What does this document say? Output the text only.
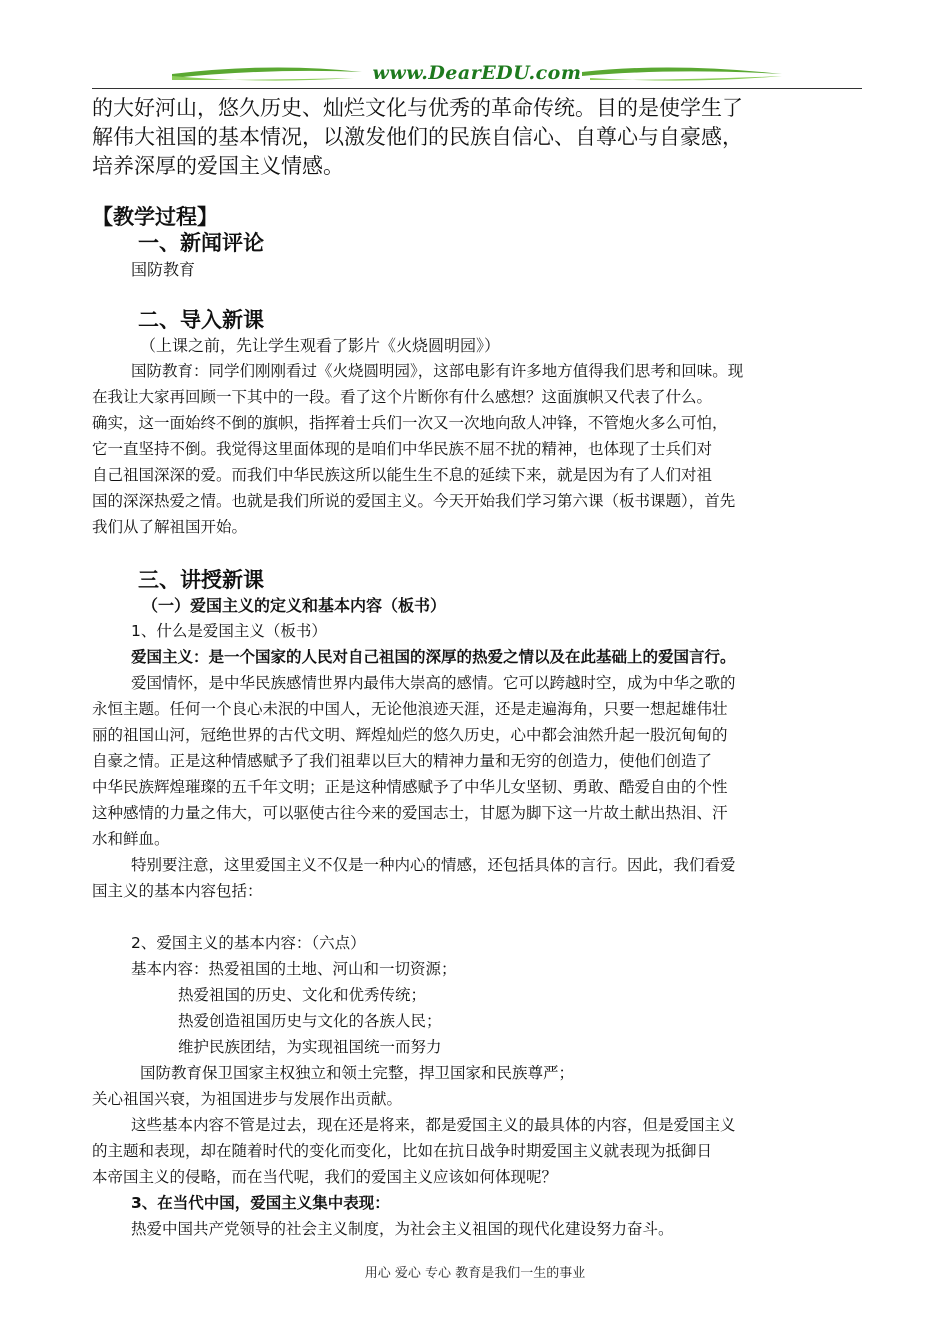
www.DearEDU.com
的大好河山，悠久历史、灿烂文化与优秀的革命传统。目的是使学生了
解伟大祖国的基本情况，以激发他们的民族自信心、自尊心与自豪感，
培养深厚的爱国主义情感。
【教学过程】
一、新闻评论
国防教育
二、导入新课
（上课之前，先让学生观看了影片《火烧圆明园》）
国防教育：同学们刚刚看过《火烧圆明园》，这部电影有许多地方值得我们思考和回味。现
在我让大家再回顾一下其中的一段。看了这个片断你有什么感想？这面旗帜又代表了什么。
确实，这一面始终不倒的旗帜，指挥着士兵们一次又一次地向敌人冲锋，不管炮火多么可怕，
它一直坚持不倒。我觉得这里面体现的是咱们中华民族不屈不扰的精神，也体现了士兵们对
自己祖国深深的爱。而我们中华民族这所以能生生不息的延续下来，就是因为有了人们对祖
国的深深热爱之情。也就是我们所说的爱国主义。今天开始我们学习第六课（板书课题），首先
我们从了解祖国开始。
三、讲授新课
（一）爱国主义的定义和基本内容（板书）
1、什么是爱国主义（板书）
爱国主义：是一个国家的人民对自己祖国的深厚的热爱之情以及在此基础上的爱国言行。
爱国情怀，是中华民族感情世界内最伟大崇高的感情。它可以跨越时空，成为中华之歌的
永恒主题。任何一个良心未泯的中国人，无论他浪迹天涯，还是走遍海角，只要一想起雄伟壮
丽的祖国山河，冠绝世界的古代文明、辉煌灿烂的悠久历史，心中都会油然升起一股沉甸甸的
自豪之情。正是这种情感赋予了我们祖辈以巨大的精神力量和无穷的创造力，使他们创造了
中华民族辉煌璀璨的五千年文明；正是这种情感赋予了中华儿女坚韧、勇敢、酷爱自由的个性
这种感情的力量之伟大，可以驱使古往今来的爱国志士，甘愿为脚下这一片故土献出热泪、汗
水和鲜血。
特别要注意，这里爱国主义不仅是一种内心的情感，还包括具体的言行。因此，我们看爱
国主义的基本内容包括：
2、爱国主义的基本内容：（六点）
基本内容：热爱祖国的土地、河山和一切资源；
热爱祖国的历史、文化和优秀传统；
热爱创造祖国历史与文化的各族人民；
维护民族团结，为实现祖国统一而努力
国防教育保卫国家主权独立和领土完整，捍卫国家和民族尊严；
关心祖国兴衰，为祖国进步与发展作出贡献。
这些基本内容不管是过去，现在还是将来，都是爱国主义的最具体的内容，但是爱国主义
的主题和表现，却在随着时代的变化而变化，比如在抗日战争时期爱国主义就表现为抵御日
本帝国主义的侵略，而在当代呢，我们的爱国主义应该如何体现呢？
3、在当代中国，爱国主义集中表现：
热爱中国共产党领导的社会主义制度，为社会主义祖国的现代化建设努力奋斗。
用心 爱心 专心 教育是我们一生的事业
